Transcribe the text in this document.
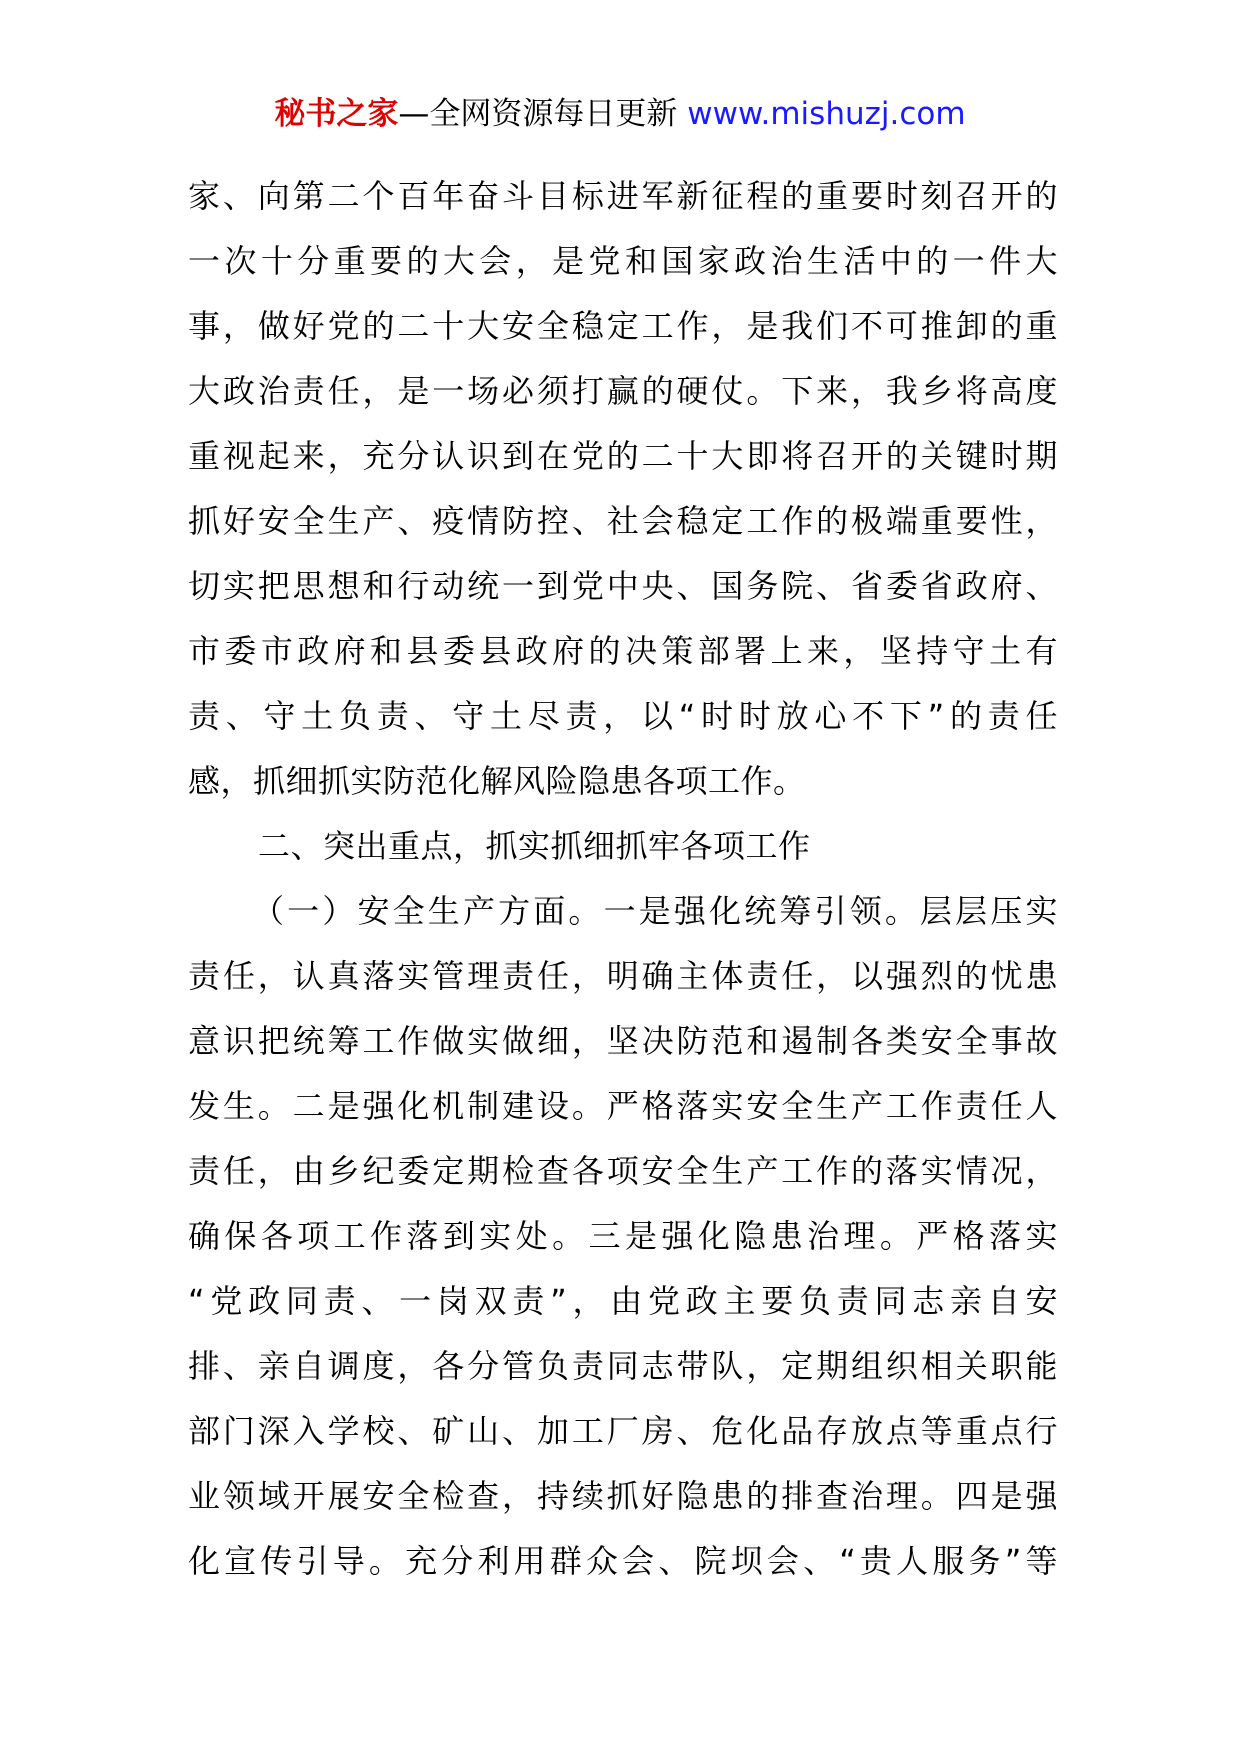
秘书之家—全网资源每日更新 www.mishuzj.com
家、向第二个百年奋斗目标进军新征程的重要时刻召开的
一次十分重要的大会，是党和国家政治生活中的一件大
事，做好党的二十大安全稳定工作，是我们不可推卸的重
大政治责任，是一场必须打赢的硬仗。下来，我乡将高度
重视起来，充分认识到在党的二十大即将召开的关键时期
抓好安全生产、疫情防控、社会稳定工作的极端重要性，
切实把思想和行动统一到党中央、国务院、省委省政府、
市委市政府和县委县政府的决策部署上来，坚持守土有
责、守土负责、守土尽责，以“时时放心不下”的责任
感，抓细抓实防范化解风险隐患各项工作。
二、突出重点，抓实抓细抓牢各项工作
（一）安全生产方面。一是强化统筹引领。层层压实
责任，认真落实管理责任，明确主体责任，以强烈的忧患
意识把统筹工作做实做细，坚决防范和遏制各类安全事故
发生。二是强化机制建设。严格落实安全生产工作责任人
责任，由乡纪委定期检查各项安全生产工作的落实情况，
确保各项工作落到实处。三是强化隐患治理。严格落实
“党政同责、一岗双责”，由党政主要负责同志亲自安
排、亲自调度，各分管负责同志带队，定期组织相关职能
部门深入学校、矿山、加工厂房、危化品存放点等重点行
业领域开展安全检查，持续抓好隐患的排查治理。四是强
化宣传引导。充分利用群众会、院坝会、“贵人服务”等
